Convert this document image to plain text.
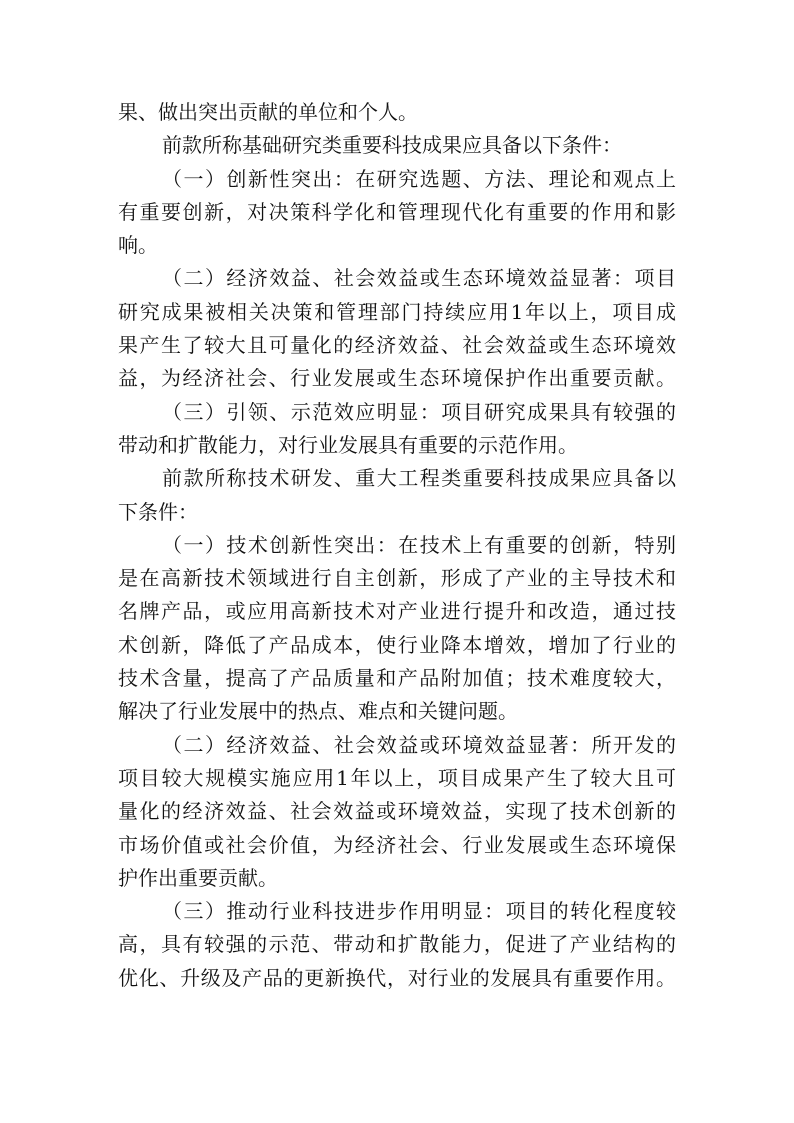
果、做出突出贡献的单位和个人。
前款所称基础研究类重要科技成果应具备以下条件：
（一）创新性突出：在研究选题、方法、理论和观点上
有重要创新，对决策科学化和管理现代化有重要的作用和影
响。
（二）经济效益、社会效益或生态环境效益显著：项目
研究成果被相关决策和管理部门持续应用1年以上，项目成
果产生了较大且可量化的经济效益、社会效益或生态环境效
益，为经济社会、行业发展或生态环境保护作出重要贡献。
（三）引领、示范效应明显：项目研究成果具有较强的
带动和扩散能力，对行业发展具有重要的示范作用。
前款所称技术研发、重大工程类重要科技成果应具备以
下条件：
（一）技术创新性突出：在技术上有重要的创新，特别
是在高新技术领域进行自主创新，形成了产业的主导技术和
名牌产品，或应用高新技术对产业进行提升和改造，通过技
术创新，降低了产品成本，使行业降本增效，增加了行业的
技术含量，提高了产品质量和产品附加值；技术难度较大，
解决了行业发展中的热点、难点和关键问题。
（二）经济效益、社会效益或环境效益显著：所开发的
项目较大规模实施应用1年以上，项目成果产生了较大且可
量化的经济效益、社会效益或环境效益，实现了技术创新的
市场价值或社会价值，为经济社会、行业发展或生态环境保
护作出重要贡献。
（三）推动行业科技进步作用明显：项目的转化程度较
高，具有较强的示范、带动和扩散能力，促进了产业结构的
优化、升级及产品的更新换代，对行业的发展具有重要作用。
